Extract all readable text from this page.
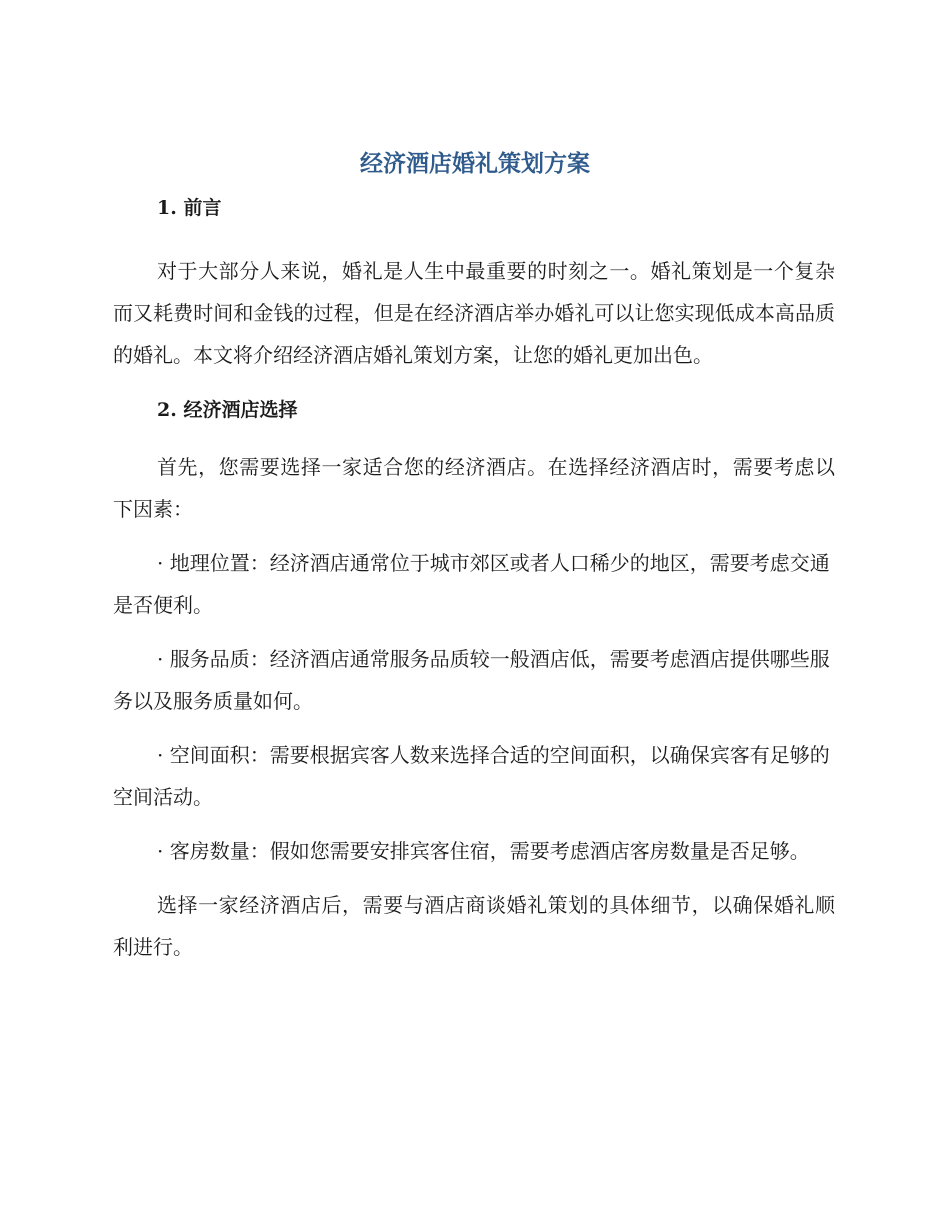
经济酒店婚礼策划方案
1. 前言

对于大部分人来说，婚礼是人生中最重要的时刻之一。婚礼策划是一个复杂而又耗费时间和金钱的过程，但是在经济酒店举办婚礼可以让您实现低成本高品质的婚礼。本文将介绍经济酒店婚礼策划方案，让您的婚礼更加出色。

2. 经济酒店选择

首先，您需要选择一家适合您的经济酒店。在选择经济酒店时，需要考虑以下因素：

· 地理位置：经济酒店通常位于城市郊区或者人口稀少的地区，需要考虑交通是否便利。

· 服务品质：经济酒店通常服务品质较一般酒店低，需要考虑酒店提供哪些服务以及服务质量如何。

· 空间面积：需要根据宾客人数来选择合适的空间面积，以确保宾客有足够的空间活动。

· 客房数量：假如您需要安排宾客住宿，需要考虑酒店客房数量是否足够。

选择一家经济酒店后，需要与酒店商谈婚礼策划的具体细节，以确保婚礼顺利进行。
